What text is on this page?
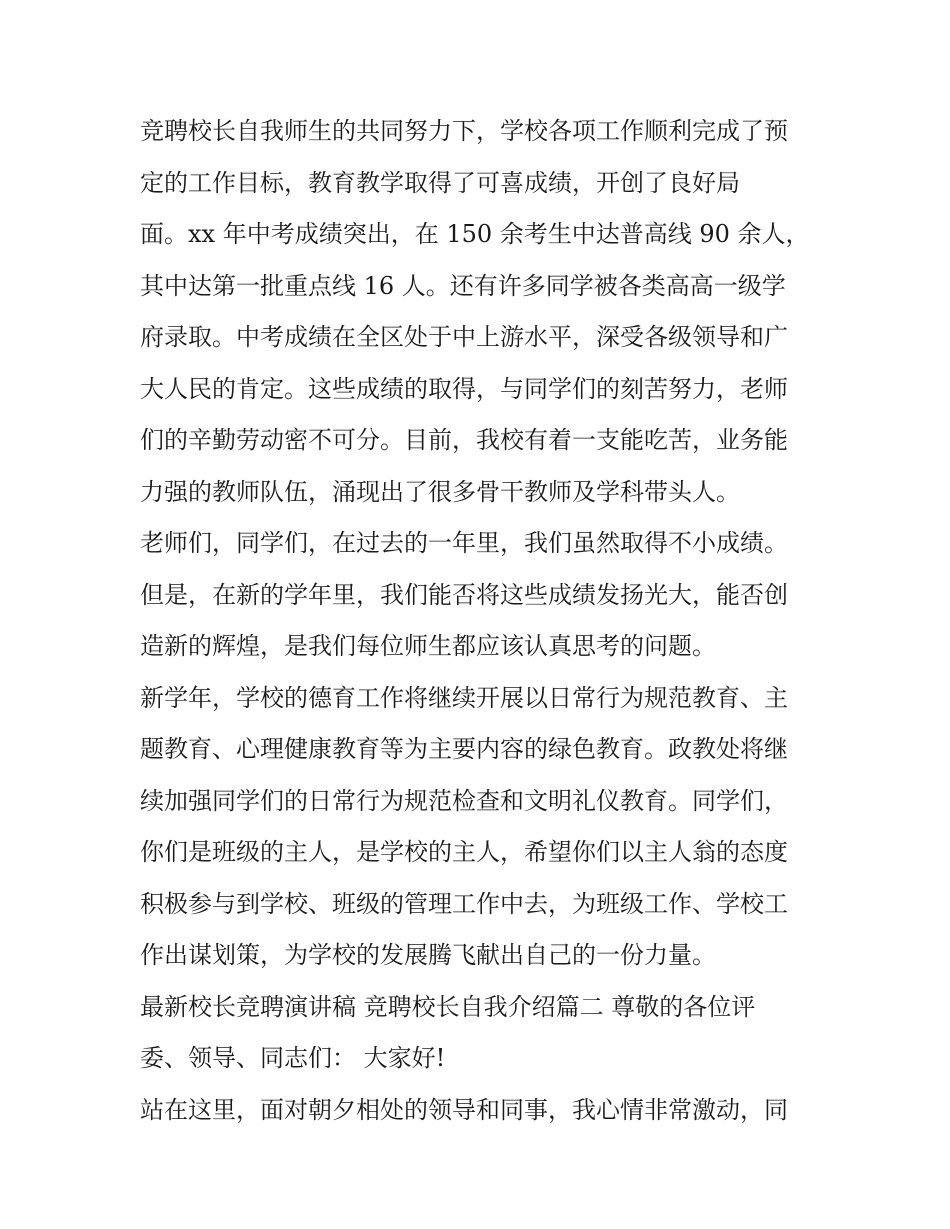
竞聘校长自我师生的共同努力下，学校各项工作顺利完成了预
定的工作目标，教育教学取得了可喜成绩，开创了良好局
面。xx 年中考成绩突出，在 150 余考生中达普高线 90 余人，
其中达第一批重点线 16 人。还有许多同学被各类高高一级学
府录取。中考成绩在全区处于中上游水平，深受各级领导和广
大人民的肯定。这些成绩的取得，与同学们的刻苦努力，老师
们的辛勤劳动密不可分。目前，我校有着一支能吃苦，业务能
力强的教师队伍，涌现出了很多骨干教师及学科带头人。
老师们，同学们，在过去的一年里，我们虽然取得不小成绩。
但是，在新的学年里，我们能否将这些成绩发扬光大，能否创
造新的辉煌，是我们每位师生都应该认真思考的问题。
新学年，学校的德育工作将继续开展以日常行为规范教育、主
题教育、心理健康教育等为主要内容的绿色教育。政教处将继
续加强同学们的日常行为规范检查和文明礼仪教育。同学们，
你们是班级的主人，是学校的主人，希望你们以主人翁的态度
积极参与到学校、班级的管理工作中去，为班级工作、学校工
作出谋划策，为学校的发展腾飞献出自己的一份力量。
最新校长竞聘演讲稿 竞聘校长自我介绍篇二 尊敬的各位评
委、领导、同志们： 大家好!
站在这里，面对朝夕相处的领导和同事，我心情非常激动，同
